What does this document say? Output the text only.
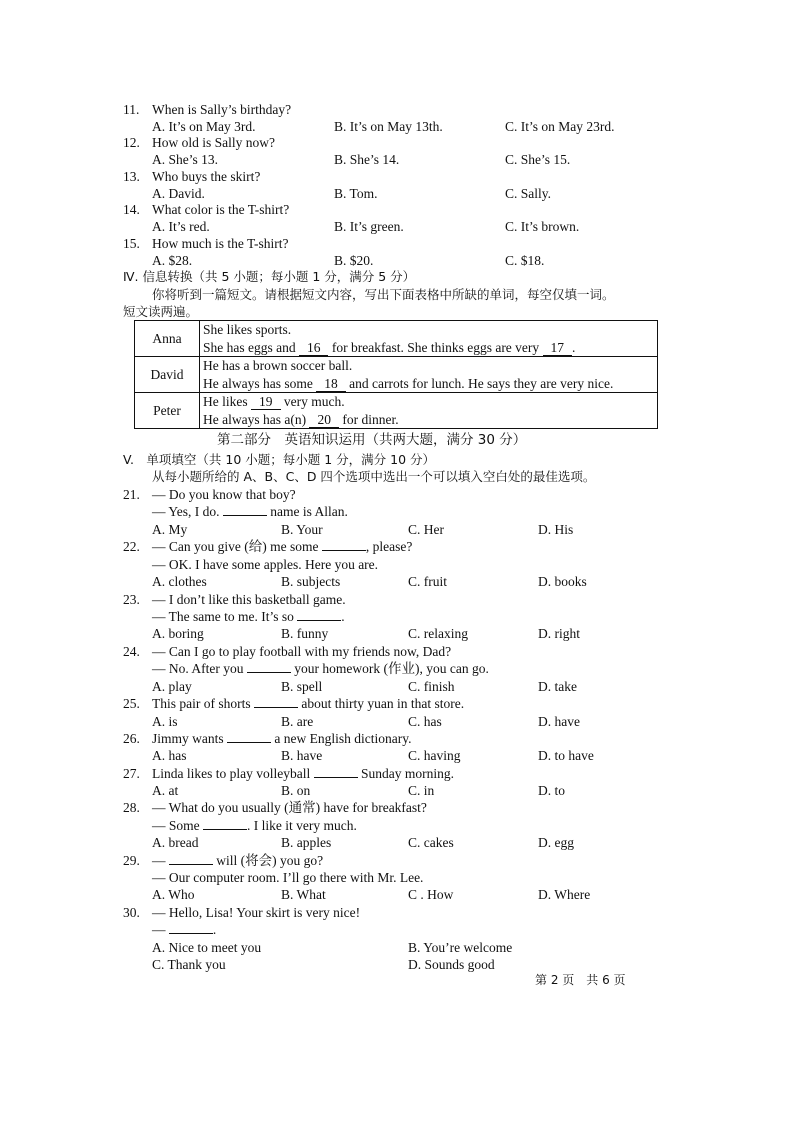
11. When is Sally’s birthday?
A. It’s on May 3rd.	B. It’s on May 13th.	C. It’s on May 23rd.
12. How old is Sally now?
A. She’s 13.	B. She’s 14.	C. She’s 15.
13. Who buys the skirt?
A. David.	B. Tom.	C. Sally.
14. What color is the T-shirt?
A. It’s red.	B. It’s green.	C. It’s brown.
15. How much is the T-shirt?
A. $28.	B. $20.	C. $18.
Ⅳ. 信息转换（共 5 小题；每小题 1 分，满分 5 分）
你将听到一篇短文。请根据短文内容，写出下面表格中所缺的单词，每空仅填一词。
短文读两遍。
Anna	She likes sports.
She has eggs and 16 for breakfast. She thinks eggs are very 17 .

David	He has a brown soccer ball.
He always has some 18 and carrots for lunch. He says they are very nice.

Peter	He likes 19 very much.
He always has a(n) 20 for dinner.
第二部分　英语知识运用（共两大题，满分 30 分）
V.　单项填空（共 10 小题；每小题 1 分，满分 10 分）
从每小题所给的 A、B、C、D 四个选项中选出一个可以填入空白处的最佳选项。
21. — Do you know that boy?
— Yes, I do.	name is Allan.
A. My	B. Your	C. Her	D. His
22. — Can you give (给) me some	, please?
— OK. I have some apples. Here you are.
A. clothes	B. subjects	C. fruit	D. books
23. — I don’t like this basketball game.
— The same to me. It’s so	.
A. boring	B. funny	C. relaxing	D. right
24. — Can I go to play football with my friends now, Dad?
— No. After you	your homework (作业), you can go.
A. play	B. spell	C. finish	D. take
25. This pair of shorts	about thirty yuan in that store.
A. is	B. are	C. has	D. have
26. Jimmy wants	a new English dictionary.
A. has	B. have	C. having	D. to have
27. Linda likes to play volleyball	Sunday morning.
A. at	B. on	C. in	D. to
28. — What do you usually (通常) have for breakfast?
— Some	. I like it very much.
A. bread	B. apples	C. cakes	D. egg
29. —	will (将会) you go?
— Our computer room. I’ll go there with Mr. Lee.
A. Who	B. What	C . How	D. Where
30. — Hello, Lisa! Your skirt is very nice!
—	.
A. Nice to meet you	B. You’re welcome
C. Thank you	D. Sounds good
第 2 页　共 6 页
